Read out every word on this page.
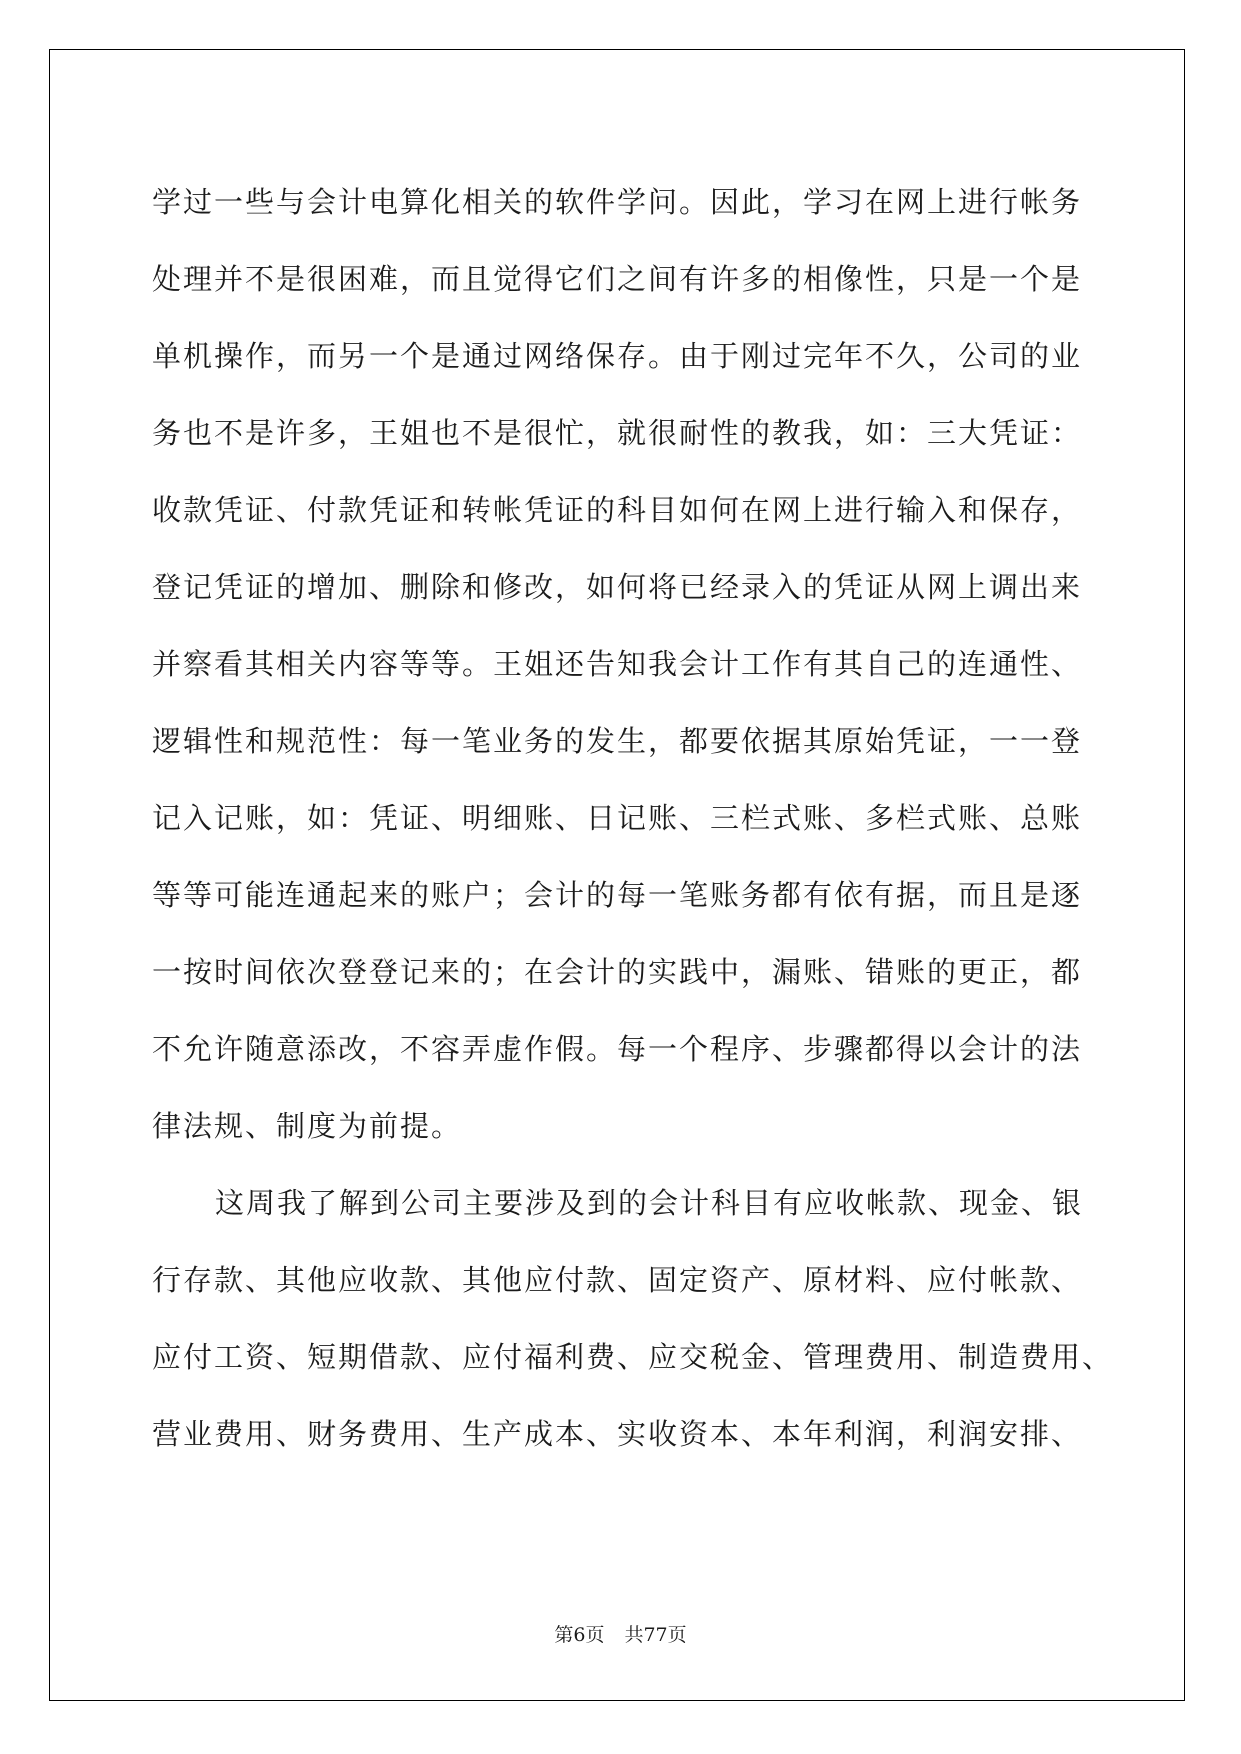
学过一些与会计电算化相关的软件学问。因此，学习在网上进行帐务
处理并不是很困难，而且觉得它们之间有许多的相像性，只是一个是
单机操作，而另一个是通过网络保存。由于刚过完年不久，公司的业
务也不是许多，王姐也不是很忙，就很耐性的教我，如：三大凭证：
收款凭证、付款凭证和转帐凭证的科目如何在网上进行输入和保存，
登记凭证的增加、删除和修改，如何将已经录入的凭证从网上调出来
并察看其相关内容等等。王姐还告知我会计工作有其自己的连通性、
逻辑性和规范性：每一笔业务的发生，都要依据其原始凭证，一一登
记入记账，如：凭证、明细账、日记账、三栏式账、多栏式账、总账
等等可能连通起来的账户；会计的每一笔账务都有依有据，而且是逐
一按时间依次登登记来的；在会计的实践中，漏账、错账的更正，都
不允许随意添改，不容弄虚作假。每一个程序、步骤都得以会计的法
律法规、制度为前提。
这周我了解到公司主要涉及到的会计科目有应收帐款、现金、银
行存款、其他应收款、其他应付款、固定资产、原材料、应付帐款、
应付工资、短期借款、应付福利费、应交税金、管理费用、制造费用、
营业费用、财务费用、生产成本、实收资本、本年利润，利润安排、
第6页 共77页
